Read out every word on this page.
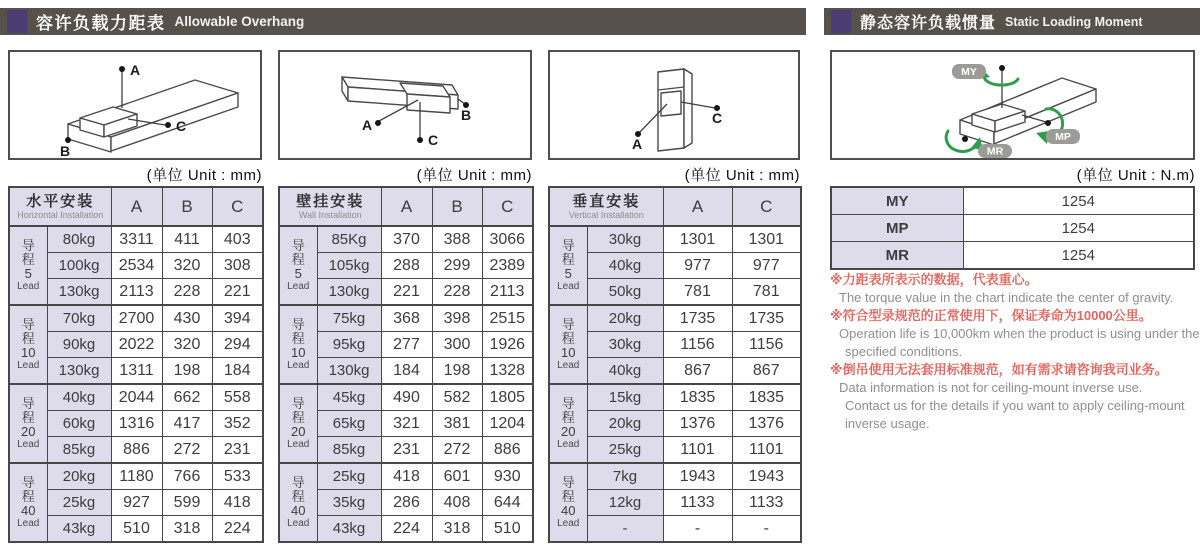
容许负载力距表 Allowable Overhang	静态容许负载惯量 Static Loading Moment
A
B
C	A
B
C	A
C
MY
MP
MR
(单位 Unit : mm)	(单位 Unit : mm)	(单位 Unit : mm)	(单位 Unit : N.m)
水平安装
Horizontal Installation		A	B	C

导
程
5
Lead	80kg	3311	411	403
	100kg	2534	320	308
	130kg	2113	228	221

导
程
10
Lead	70kg	2700	430	394
	90kg	2022	320	294
	130kg	1311	198	184

导
程
20
Lead	40kg	2044	662	558
	60kg	1316	417	352
	85kg	886	272	231

导
程
40
Lead	20kg	1180	766	533
	25kg	927	599	418
	43kg	510	318	224
壁挂安装
Wall Installation		A	B	C

导
程
5
Lead	85Kg	370	388	3066
	105kg	288	299	2389
	130kg	221	228	2113

导
程
10
Lead	75kg	368	398	2515
	95kg	277	300	1926
	130kg	184	198	1328

导
程
20
Lead	45kg	490	582	1805
	65kg	321	381	1204
	85kg	231	272	886

导
程
40
Lead	25kg	418	601	930
	35kg	286	408	644
	43kg	224	318	510
垂直安装
Vertical Installation		A	C

导
程
5
Lead	30kg	1301	1301
	40kg	977	977
	50kg	781	781

导
程
10
Lead	20kg	1735	1735
	30kg	1156	1156
	40kg	867	867

导
程
20
Lead	15kg	1835	1835
	20kg	1376	1376
	25kg	1101	1101

导
程
40
Lead	7kg	1943	1943
	12kg	1133	1133
	-	-	-
MY	1254
MP	1254
MR	1254
※力距表所表示的数据，代表重心。
The torque value in the chart indicate the center of gravity.
※符合型录规范的正常使用下，保证寿命为10000公里。
Operation life is 10,000km when the product is using under the
specified conditions.
※倒吊使用无法套用标准规范，如有需求请咨询我司业务。
Data information is not for ceiling-mount inverse use.
Contact us for the details if you want to apply ceiling-mount
inverse usage.
